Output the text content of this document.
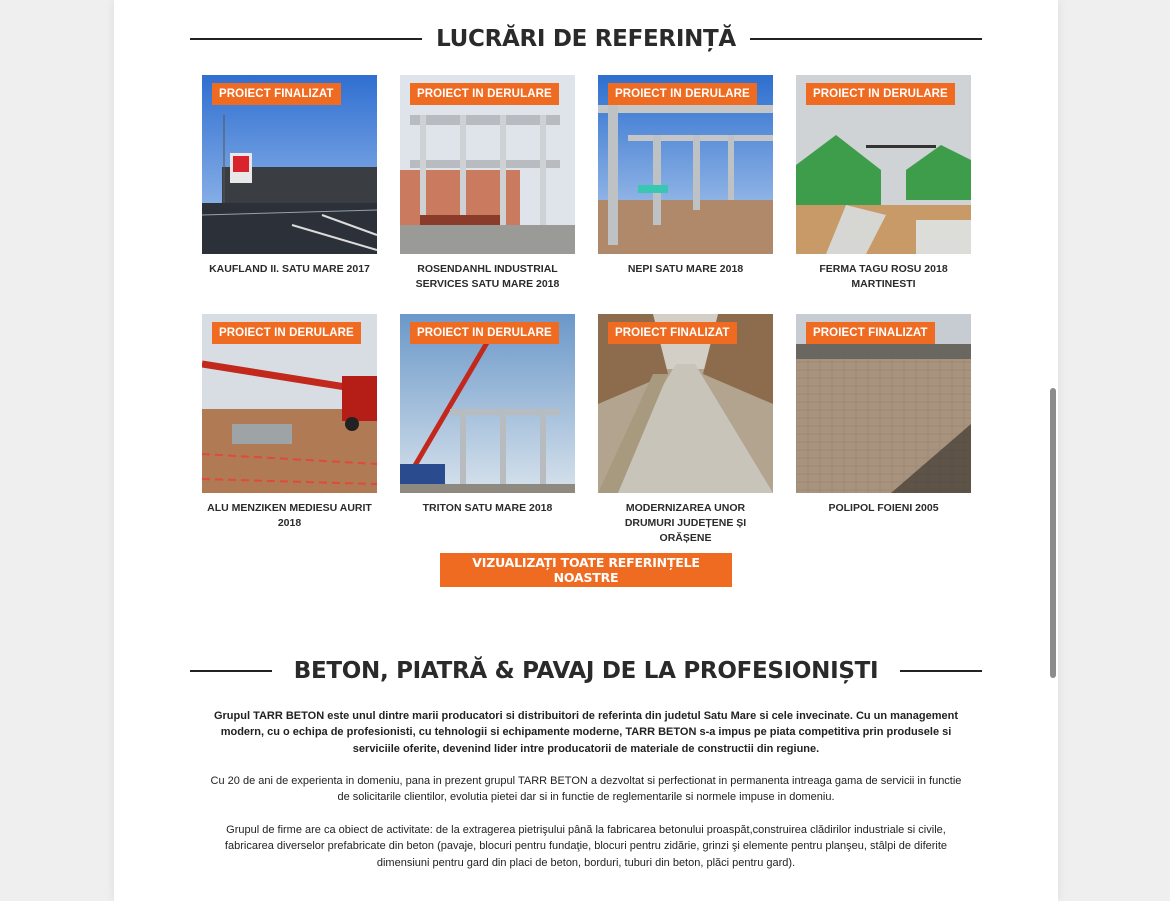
LUCRĂRI DE REFERINȚĂ
PROIECT FINALIZAT
KAUFLAND II. SATU MARE 2017
PROIECT IN DERULARE
ROSENDANHL INDUSTRIAL SERVICES SATU MARE 2018
PROIECT IN DERULARE
NEPI SATU MARE 2018
PROIECT IN DERULARE
FERMA TAGU ROSU 2018 MARTINESTI
PROIECT IN DERULARE
ALU MENZIKEN MEDIESU AURIT 2018
PROIECT IN DERULARE
TRITON SATU MARE 2018
PROIECT FINALIZAT
MODERNIZAREA UNOR DRUMURI JUDEȚENE ȘI ORĂȘENE
PROIECT FINALIZAT
POLIPOL FOIENI 2005
VIZUALIZAȚI TOATE REFERINȚELE NOASTRE
BETON, PIATRĂ & PAVAJ DE LA PROFESIONIȘTI
Grupul TARR BETON este unul dintre marii producatori si distribuitori de referinta din judetul Satu Mare si cele invecinate. Cu un management modern, cu o echipa de profesionisti, cu tehnologii si echipamente moderne, TARR BETON s-a impus pe piata competitiva prin produsele si serviciile oferite, devenind lider intre producatorii de materiale de constructii din regiune.
Cu 20 de ani de experienta in domeniu, pana in prezent grupul TARR BETON a dezvoltat si perfectionat in permanenta intreaga gama de servicii in functie de solicitarile clientilor, evolutia pietei dar si in functie de reglementarile si normele impuse in domeniu.
Grupul de firme are ca obiect de activitate: de la extragerea pietrişului până la fabricarea betonului proaspăt,construirea clădirilor industriale si civile, fabricarea diverselor prefabricate din beton (pavaje, blocuri pentru fundaţie, blocuri pentru zidărie, grinzi şi elemente pentru planşeu, stâlpi de diferite dimensiuni pentru gard din placi de beton, borduri, tuburi din beton, plăci pentru gard).
